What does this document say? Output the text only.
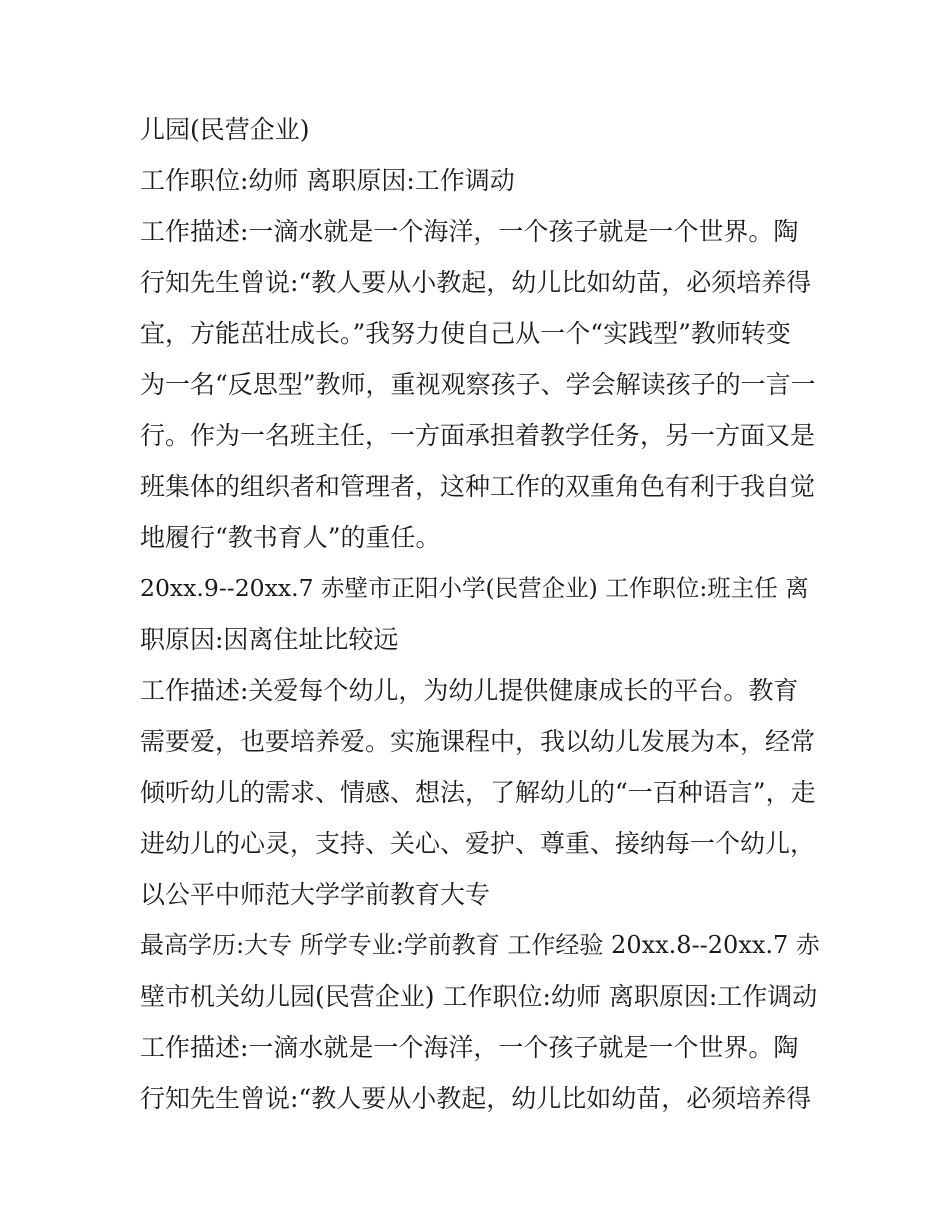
儿园(民营企业)
工作职位:幼师 离职原因:工作调动
工作描述:一滴水就是一个海洋，一个孩子就是一个世界。陶
行知先生曾说:“教人要从小教起，幼儿比如幼苗，必须培养得
宜，方能茁壮成长。”我努力使自己从一个“实践型”教师转变
为一名“反思型”教师，重视观察孩子、学会解读孩子的一言一
行。作为一名班主任，一方面承担着教学任务，另一方面又是
班集体的组织者和管理者，这种工作的双重角色有利于我自觉
地履行“教书育人”的重任。
20xx.9--20xx.7 赤壁市正阳小学(民营企业) 工作职位:班主任 离
职原因:因离住址比较远
工作描述:关爱每个幼儿，为幼儿提供健康成长的平台。教育
需要爱，也要培养爱。实施课程中，我以幼儿发展为本，经常
倾听幼儿的需求、情感、想法，了解幼儿的“一百种语言”，走
进幼儿的心灵，支持、关心、爱护、尊重、接纳每一个幼儿，
以公平中师范大学学前教育大专
最高学历:大专 所学专业:学前教育 工作经验 20xx.8--20xx.7 赤
壁市机关幼儿园(民营企业) 工作职位:幼师 离职原因:工作调动
工作描述:一滴水就是一个海洋，一个孩子就是一个世界。陶
行知先生曾说:“教人要从小教起，幼儿比如幼苗，必须培养得
